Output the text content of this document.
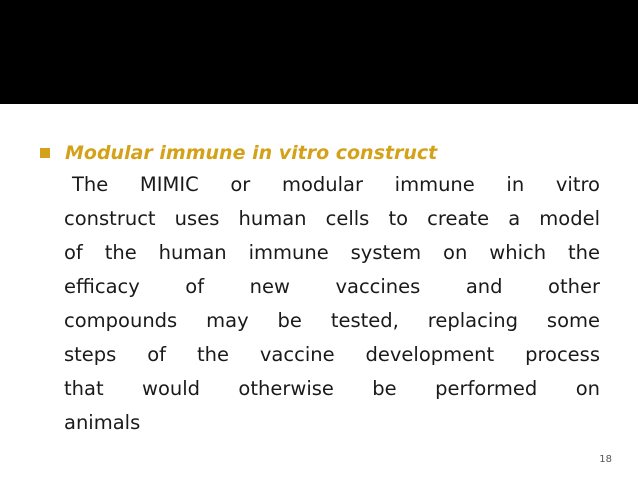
Modular immune in vitro construct
The MIMIC or modular immune in vitro
construct uses human cells to create a model
of the human immune system on which the
efficacy of new vaccines and other
compounds may be tested, replacing some
steps of the vaccine development process
that would otherwise be performed on
animals
18
